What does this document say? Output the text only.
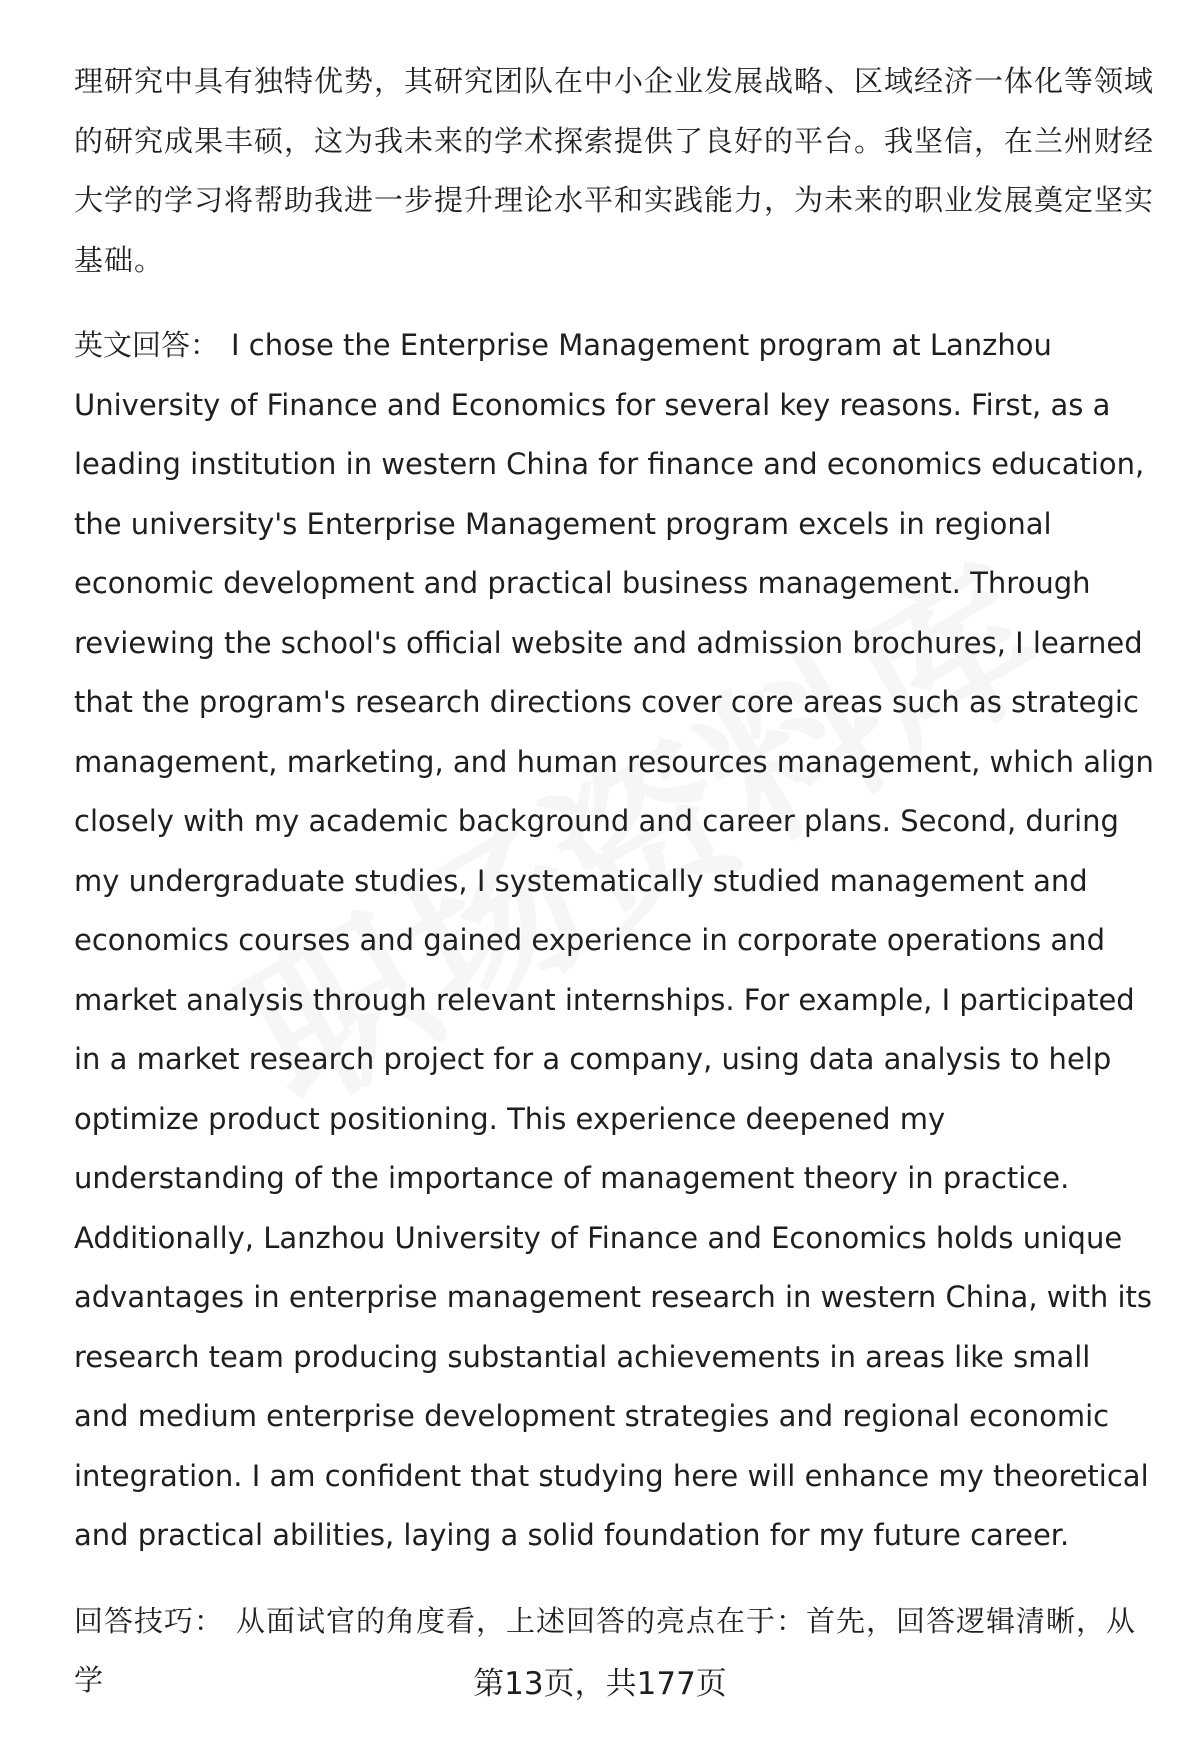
理研究中具有独特优势，其研究团队在中小企业发展战略、区域经济一体化等领域的研究成果丰硕，这为我未来的学术探索提供了良好的平台。我坚信，在兰州财经大学的学习将帮助我进一步提升理论水平和实践能力，为未来的职业发展奠定坚实基础。

英文回答： I chose the Enterprise Management program at Lanzhou University of Finance and Economics for several key reasons. First, as a leading institution in western China for finance and economics education, the university's Enterprise Management program excels in regional economic development and practical business management. Through reviewing the school's official website and admission brochures, I learned that the program's research directions cover core areas such as strategic management, marketing, and human resources management, which align closely with my academic background and career plans. Second, during my undergraduate studies, I systematically studied management and economics courses and gained experience in corporate operations and market analysis through relevant internships. For example, I participated in a market research project for a company, using data analysis to help optimize product positioning. This experience deepened my understanding of the importance of management theory in practice. Additionally, Lanzhou University of Finance and Economics holds unique advantages in enterprise management research in western China, with its research team producing substantial achievements in areas like small and medium enterprise development strategies and regional economic integration. I am confident that studying here will enhance my theoretical and practical abilities, laying a solid foundation for my future career.

回答技巧： 从面试官的角度看，上述回答的亮点在于：首先，回答逻辑清晰，从学	第13页，共177页
